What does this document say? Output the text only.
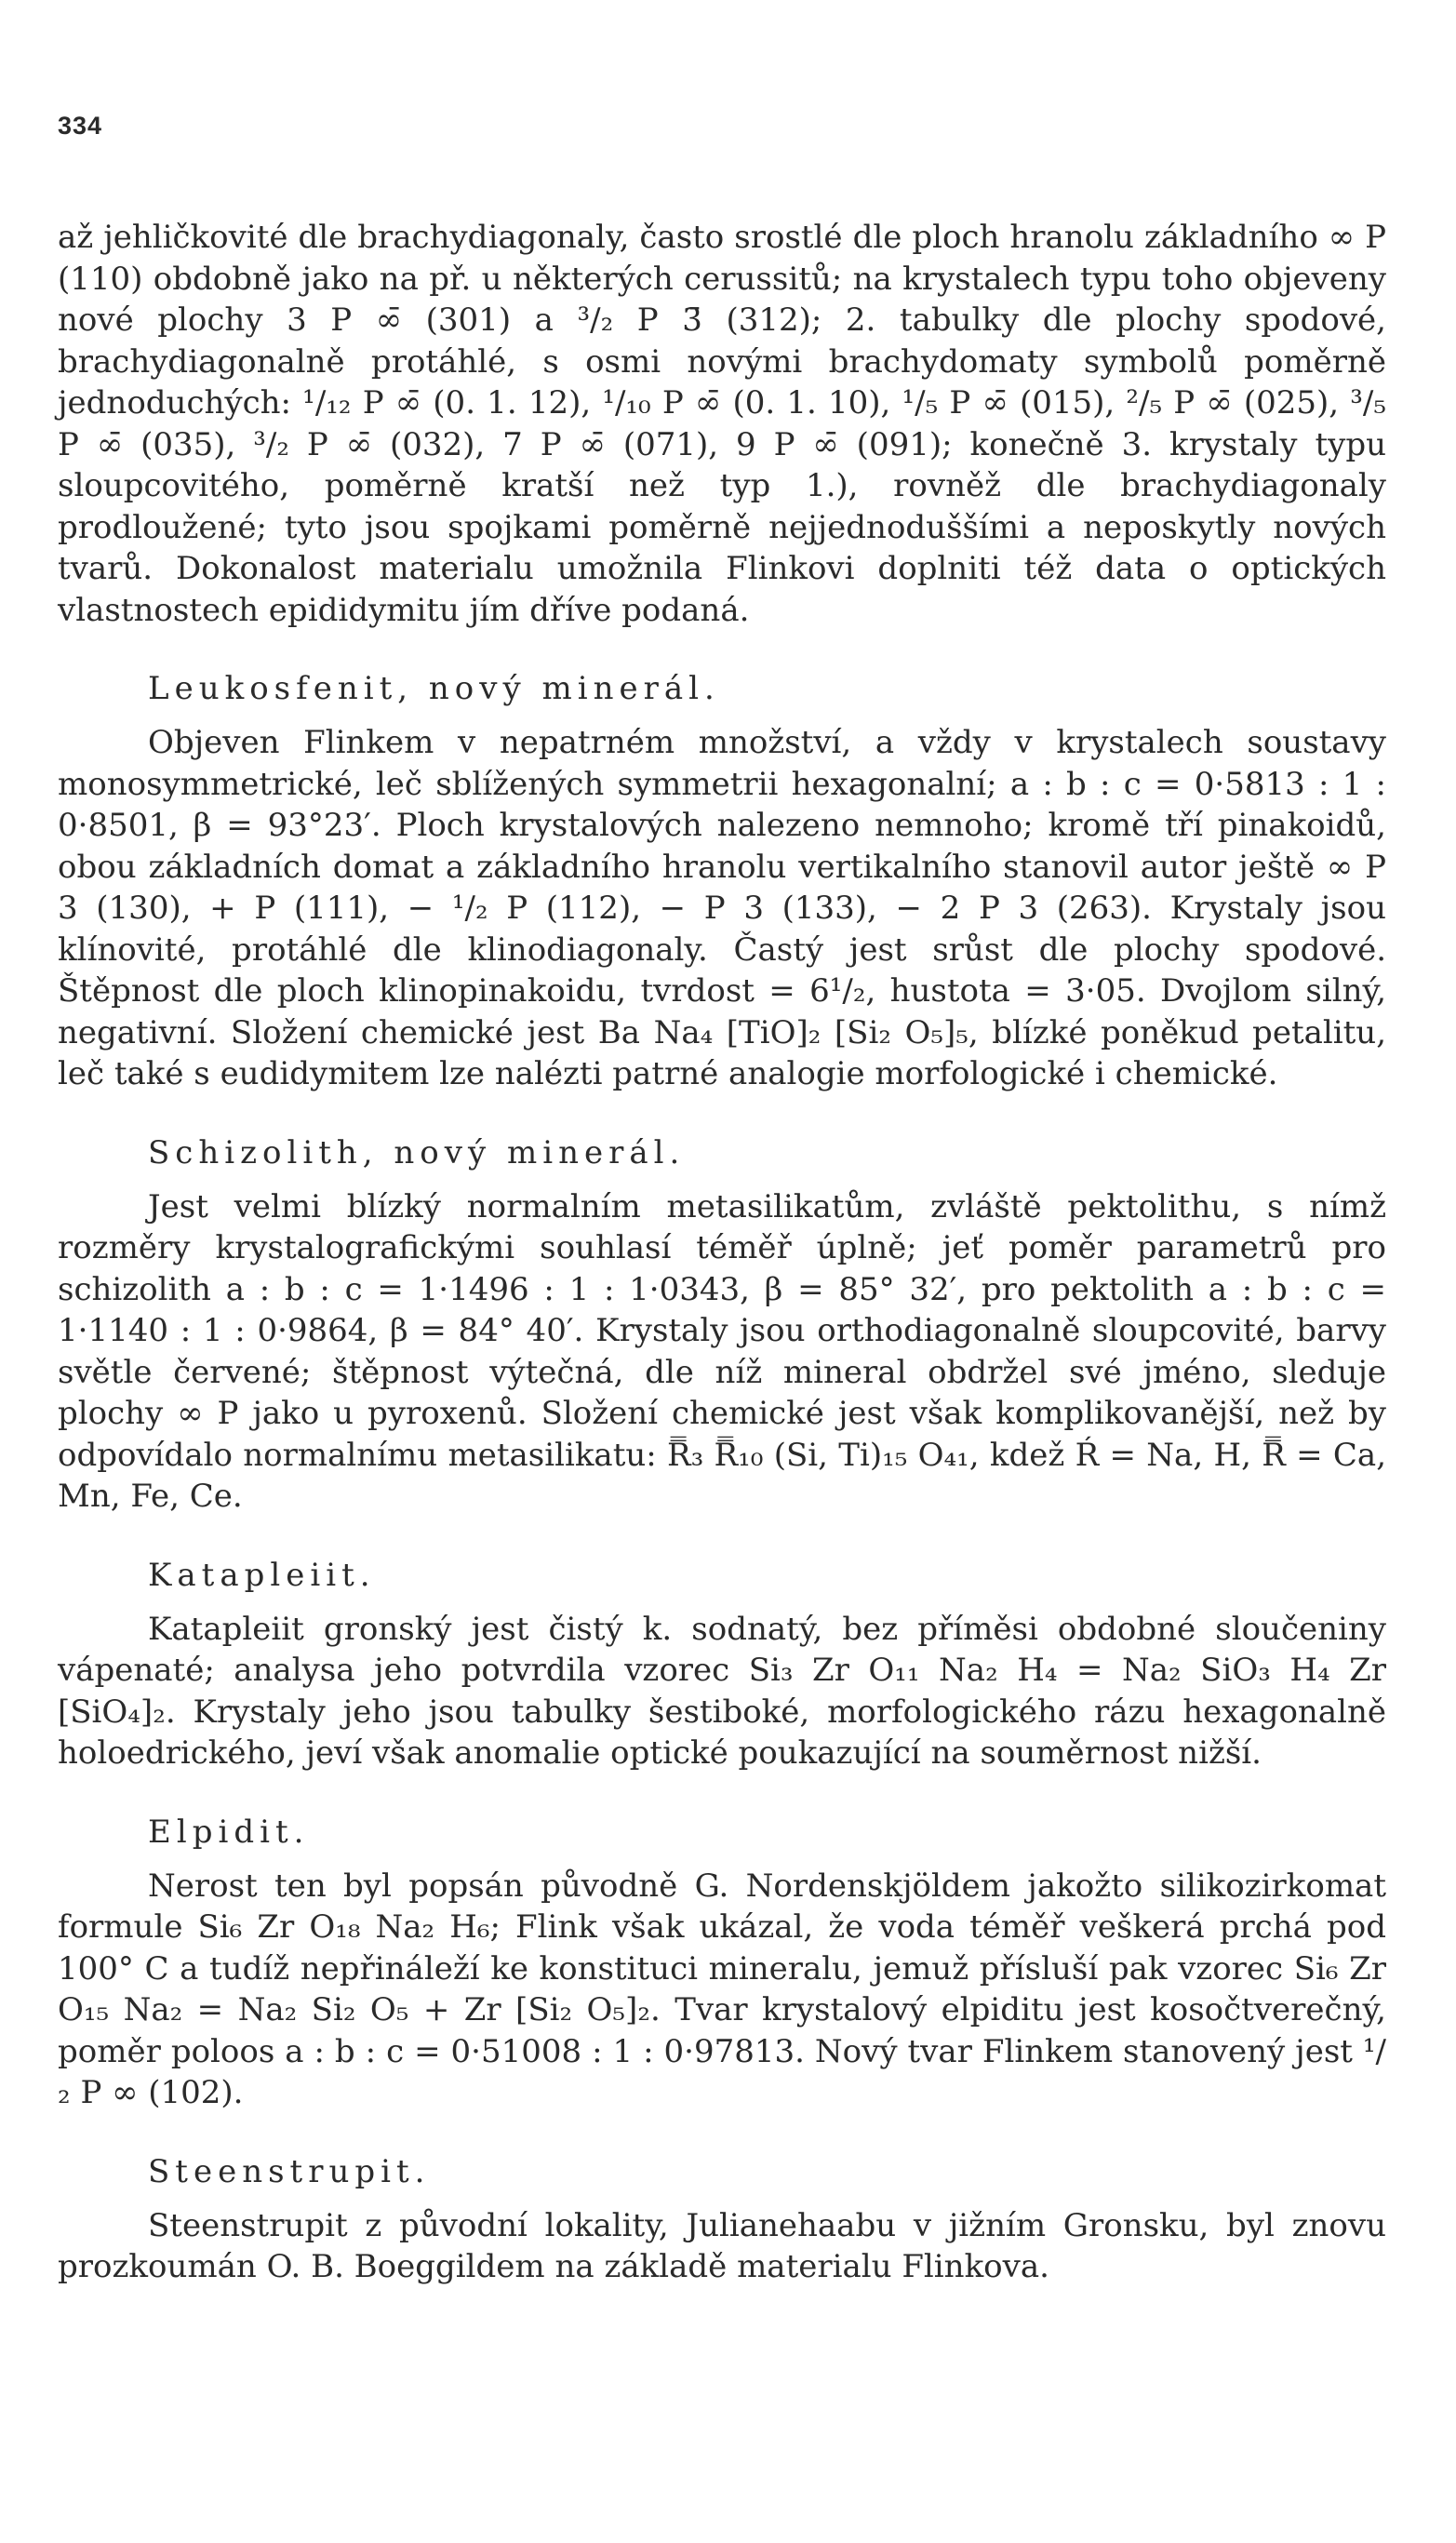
334

až jehličkovité dle brachydiagonaly, často srostlé dle ploch hranolu základního ∞ P (110) obdobně jako na př. u některých cerussitů; na krystalech typu toho objeveny nové plochy 3 P ∞̄ (301) a ³/₂ P 3̄ (312); 2. tabulky dle plochy spodové, brachydiagonalně protáhlé, s osmi novými brachydomaty symbolů poměrně jednoduchých: ¹/₁₂ P ∞̄ (0. 1. 12), ¹/₁₀ P ∞̄ (0. 1. 10), ¹/₅ P ∞̄ (015), ²/₅ P ∞̄ (025), ³/₅ P ∞̄ (035), ³/₂ P ∞̄ (032), 7 P ∞̄ (071), 9 P ∞̄ (091); konečně 3. krystaly typu sloupcovitého, poměrně kratší než typ 1.), rovněž dle brachydiagonaly prodloužené; tyto jsou spojkami poměrně nejjednoduššími a neposkytly nových tvarů. Dokonalost materialu umožnila Flinkovi doplniti též data o optických vlastnostech epididymitu jím dříve podaná.

Leukosfenit, nový minerál.

Objeven Flinkem v nepatrném množství, a vždy v krystalech soustavy monosymmetrické, leč sblížených symmetrii hexagonalní; a : b : c = 0·5813 : 1 : 0·8501, β = 93°23′. Ploch krystalových nalezeno nemnoho; kromě tří pinakoidů, obou základních domat a základního hranolu vertikalního stanovil autor ještě ∞ P 3 (130), + P (111), − ¹/₂ P (112), − P 3 (133), − 2 P 3 (263). Krystaly jsou klínovité, protáhlé dle klinodiagonaly. Častý jest srůst dle plochy spodové. Štěpnost dle ploch klinopinakoidu, tvrdost = 6¹/₂, hustota = 3·05. Dvojlom silný, negativní. Složení chemické jest Ba Na₄ [TiO]₂ [Si₂ O₅]₅, blízké poněkud petalitu, leč také s eudidymitem lze nalézti patrné analogie morfologické i chemické.

Schizolith, nový minerál.

Jest velmi blízký normalním metasilikatům, zvláště pektolithu, s nímž rozměry krystalografickými souhlasí téměř úplně; jeť poměr parametrů pro schizolith a : b : c = 1·1496 : 1 : 1·0343, β = 85° 32′, pro pektolith a : b : c = 1·1140 : 1 : 0·9864, β = 84° 40′. Krystaly jsou orthodiagonalně sloupcovité, barvy světle červené; štěpnost výtečná, dle níž mineral obdržel své jméno, sleduje plochy ∞ P jako u pyroxenů. Složení chemické jest však komplikovanější, než by odpovídalo normalnímu metasilikatu: R̿₃ R̿₁₀ (Si, Ti)₁₅ O₄₁, kdež Ŕ = Na, H, R̿ = Ca, Mn, Fe, Ce.

Katapleiit.

Katapleiit gronský jest čistý k. sodnatý, bez příměsi obdobné sloučeniny vápenaté; analysa jeho potvrdila vzorec Si₃ Zr O₁₁ Na₂ H₄ = Na₂ SiO₃ H₄ Zr [SiO₄]₂. Krystaly jeho jsou tabulky šestiboké, morfologického rázu hexagonalně holoedrického, jeví však anomalie optické poukazující na souměrnost nižší.

Elpidit.

Nerost ten byl popsán původně G. Nordenskjöldem jakožto silikozirkomat formule Si₆ Zr O₁₈ Na₂ H₆; Flink však ukázal, že voda téměř veškerá prchá pod 100° C a tudíž nepřináleží ke konstituci mineralu, jemuž přísluší pak vzorec Si₆ Zr O₁₅ Na₂ = Na₂ Si₂ O₅ + Zr [Si₂ O₅]₂. Tvar krystalový elpiditu jest kosočtverečný, poměr poloos a : b : c = 0·51008 : 1 : 0·97813. Nový tvar Flinkem stanovený jest ¹/₂ P ∞ (102).

Steenstrupit.

Steenstrupit z původní lokality, Julianehaabu v jižním Gronsku, byl znovu prozkoumán O. B. Boeggildem na základě materialu Flinkova.
